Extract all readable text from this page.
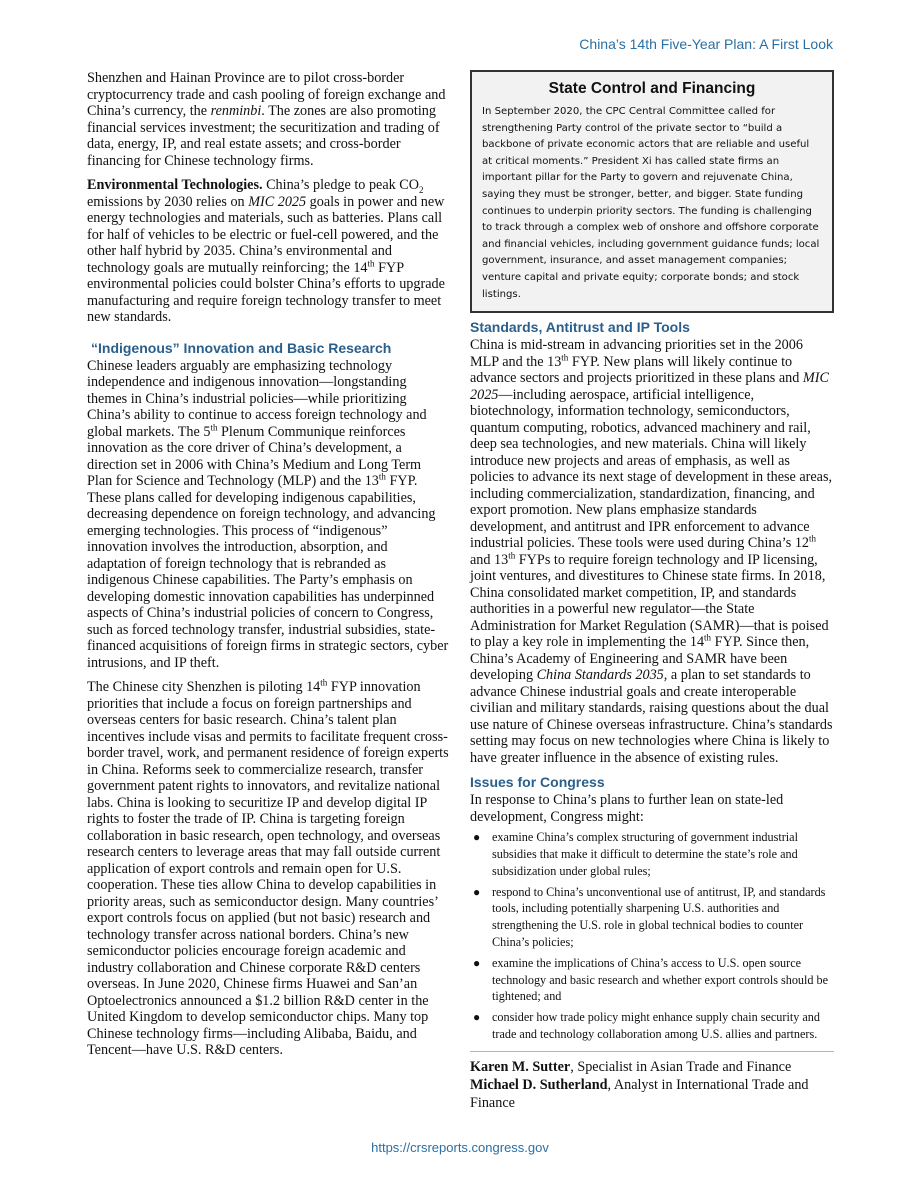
China’s 14th Five-Year Plan: A First Look

Shenzhen and Hainan Province are to pilot cross-border cryptocurrency trade and cash pooling of foreign exchange and China’s currency, the renminbi. The zones are also promoting financial services investment; the securitization and trading of data, energy, IP, and real estate assets; and cross-border financing for Chinese technology firms.

Environmental Technologies. China’s pledge to peak $CO_2$ emissions by 2030 relies on MIC 2025 goals in power and new energy technologies and materials, such as batteries. Plans call for half of vehicles to be electric or fuel-cell powered, and the other half hybrid by 2035. China’s environmental and technology goals are mutually reinforcing; the 14th FYP environmental policies could bolster China’s efforts to upgrade manufacturing and require foreign technology transfer to meet new standards.

“Indigenous” Innovation and Basic Research

Chinese leaders arguably are emphasizing technology independence and indigenous innovation—longstanding themes in China’s industrial policies—while prioritizing China’s ability to continue to access foreign technology and global markets. The 5th Plenum Communique reinforces innovation as the core driver of China’s development, a direction set in 2006 with China’s Medium and Long Term Plan for Science and Technology (MLP) and the 13th FYP. These plans called for developing indigenous capabilities, decreasing dependence on foreign technology, and advancing emerging technologies. This process of “indigenous” innovation involves the introduction, absorption, and adaptation of foreign technology that is rebranded as indigenous Chinese capabilities. The Party’s emphasis on developing domestic innovation capabilities has underpinned aspects of China’s industrial policies of concern to Congress, such as forced technology transfer, industrial subsidies, state-financed acquisitions of foreign firms in strategic sectors, cyber intrusions, and IP theft.

The Chinese city Shenzhen is piloting 14th FYP innovation priorities that include a focus on foreign partnerships and overseas centers for basic research. China’s talent plan incentives include visas and permits to facilitate frequent cross-border travel, work, and permanent residence of foreign experts in China. Reforms seek to commercialize research, transfer government patent rights to innovators, and revitalize national labs. China is looking to securitize IP and develop digital IP rights to foster the trade of IP. China is targeting foreign collaboration in basic research, open technology, and overseas research centers to leverage areas that may fall outside current application of export controls and remain open for U.S. cooperation. These ties allow China to develop capabilities in priority areas, such as semiconductor design. Many countries’ export controls focus on applied (but not basic) research and technology transfer across national borders. China’s new semiconductor policies encourage foreign academic and industry collaboration and Chinese corporate R&D centers overseas. In June 2020, Chinese firms Huawei and San’an Optoelectronics announced a $1.2 billion R&D center in the United Kingdom to develop semiconductor chips. Many top Chinese technology firms—including Alibaba, Baidu, and Tencent—have U.S. R&D centers.

State Control and Financing

In September 2020, the CPC Central Committee called for strengthening Party control of the private sector to “build a backbone of private economic actors that are reliable and useful at critical moments.” President Xi has called state firms an important pillar for the Party to govern and rejuvenate China, saying they must be stronger, better, and bigger. State funding continues to underpin priority sectors. The funding is challenging to track through a complex web of onshore and offshore corporate and financial vehicles, including government guidance funds; local government, insurance, and asset management companies; venture capital and private equity; corporate bonds; and stock listings.

Standards, Antitrust and IP Tools

China is mid-stream in advancing priorities set in the 2006 MLP and the 13th FYP. New plans will likely continue to advance sectors and projects prioritized in these plans and MIC 2025—including aerospace, artificial intelligence, biotechnology, information technology, semiconductors, quantum computing, robotics, advanced machinery and rail, deep sea technologies, and new materials. China will likely introduce new projects and areas of emphasis, as well as policies to advance its next stage of development in these areas, including commercialization, standardization, financing, and export promotion. New plans emphasize standards development, and antitrust and IPR enforcement to advance industrial policies. These tools were used during China’s 12th and 13th FYPs to require foreign technology and IP licensing, joint ventures, and divestitures to Chinese state firms. In 2018, China consolidated market competition, IP, and standards authorities in a powerful new regulator—the State Administration for Market Regulation (SAMR)—that is poised to play a key role in implementing the 14th FYP. Since then, China’s Academy of Engineering and SAMR have been developing China Standards 2035, a plan to set standards to advance Chinese industrial goals and create interoperable civilian and military standards, raising questions about the dual use nature of Chinese overseas infrastructure. China’s standards setting may focus on new technologies where China is likely to have greater influence in the absence of existing rules.

Issues for Congress

In response to China’s plans to further lean on state-led development, Congress might:

● examine China’s complex structuring of government industrial subsidies that make it difficult to determine the state’s role and subsidization under global rules;
● respond to China’s unconventional use of antitrust, IP, and standards tools, including potentially sharpening U.S. authorities and strengthening the U.S. role in global technical bodies to counter China’s policies;
● examine the implications of China’s access to U.S. open source technology and basic research and whether export controls should be tightened; and
● consider how trade policy might enhance supply chain security and trade and technology collaboration among U.S. allies and partners.

Karen M. Sutter, Specialist in Asian Trade and Finance

Michael D. Sutherland, Analyst in International Trade and Finance

https://crsreports.congress.gov
